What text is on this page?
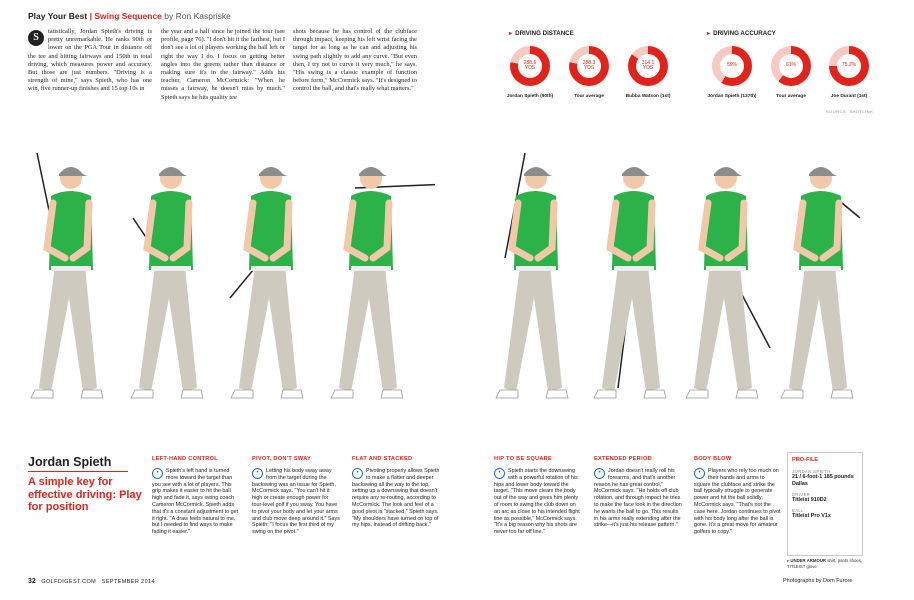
Play Your Best | Swing Sequence by Ron Kaspriske
S
tatistically, Jordan Spieth's driving is pretty unremarkable. He ranks 90th or lower on the PGA Tour in distance off the tee and hitting fairways and 150th in total driving, which measures power and accuracy. But those are just numbers. "Driving is a strength of mine," says Spieth, who has one win, five runner-up finishes and 15 top 10s in
the year and a half since he joined the tour (see profile, page 76). "I don't hit it the farthest, but I don't see a lot of players working the ball left or right the way I do. I focus on getting better angles into the greens rather than distance or making sure it's in the fairway." Adds his teacher, Cameron McCormick: "When he misses a fairway, he doesn't miss by much." Spieth says he hits quality tee
shots because he has control of the clubface through impact, keeping his left wrist facing the target for as long as he can and adjusting his swing path slightly to add any curve. "But even then, I try not to curve it very much," he says. "His swing is a classic example of function before form," McCormick says. "It's designed to control the ball, and that's really what matters."
▸ DRIVING DISTANCE	▸ DRIVING ACCURACY
288.6 YDS
Jordan Spieth (90th)
288.3 YDS
Tour average
314.1 YDS
Bubba Watson (1st)
59%
Jordan Spieth (137th)
61%
Tour average
75.2%
Joe Durant (1st)
SOURCE: SHOTLINK
Jordan Spieth
A simple key for effective driving: Play for position
LEFT-HAND CONTROL
•	Spieth's left hand is turned more toward the target than you see with a lot of players. This grip makes it easier to hit the ball high and fade it, says swing coach Cameron McCormick. Spieth adds that it's a constant adjustment to get it right. "A draw feels natural to me, but I needed to find ways to make fading it easier."
PIVOT, DON'T SWAY
•	Letting his body sway away from the target during the backswing was an issue for Spieth, McCormick says. "You can't hit it high or create enough power for tour-level golf if you sway. You have to pivot your body and let your arms and club move deep around it." Says Spieth: "I focus the first third of my swing on the pivot."
FLAT AND STACKED
•	Pivoting properly allows Spieth to make a flatter and deeper backswing all the way to the top, setting up a downswing that doesn't require any re-routing, according to McCormick. The look and feel of a good pivot is "stacked," Spieth says. "My shoulders have turned on top of my hips, instead of drifting back."
HIP TO BE SQUARE
•	Spieth starts the downswing with a powerful rotation of his hips and lower body toward the target. "This move clears the body out of the way and gives him plenty of room to swing the club down on an arc as close to his intended flight line as possible," McCormick says. "It's a big reason why his shots are never too far off line."
EXTENDED PERIOD
•	Jordan doesn't really roll his forearms, and that's another reason he has great control," McCormick says. "He holds off club rotation, and through impact he tries to make the face look in the direction he wants the ball to go. This results in his arms really extending after the strike—it's just his release pattern."
BODY BLOW
•	Players who rely too much on their hands and arms to square the clubface and strike the ball typically struggle to generate power and hit the ball solidly, McCormick says. "That's not the case here. Jordan continues to pivot with his body long after the ball is gone. It's a great move for amateur golfers to copy."
PRO-FILE
JORDAN SPIETH
21 / 6-foot-1 185 pounds Dallas
DRIVER
Titleist 910D2
BALL
Titleist Pro V1x
▸ UNDER ARMOUR shirt, pants shoes. TITLEIST glove
32 GOLFDIGEST.COM SEPTEMBER 2014	Photographs by Dom Furore
